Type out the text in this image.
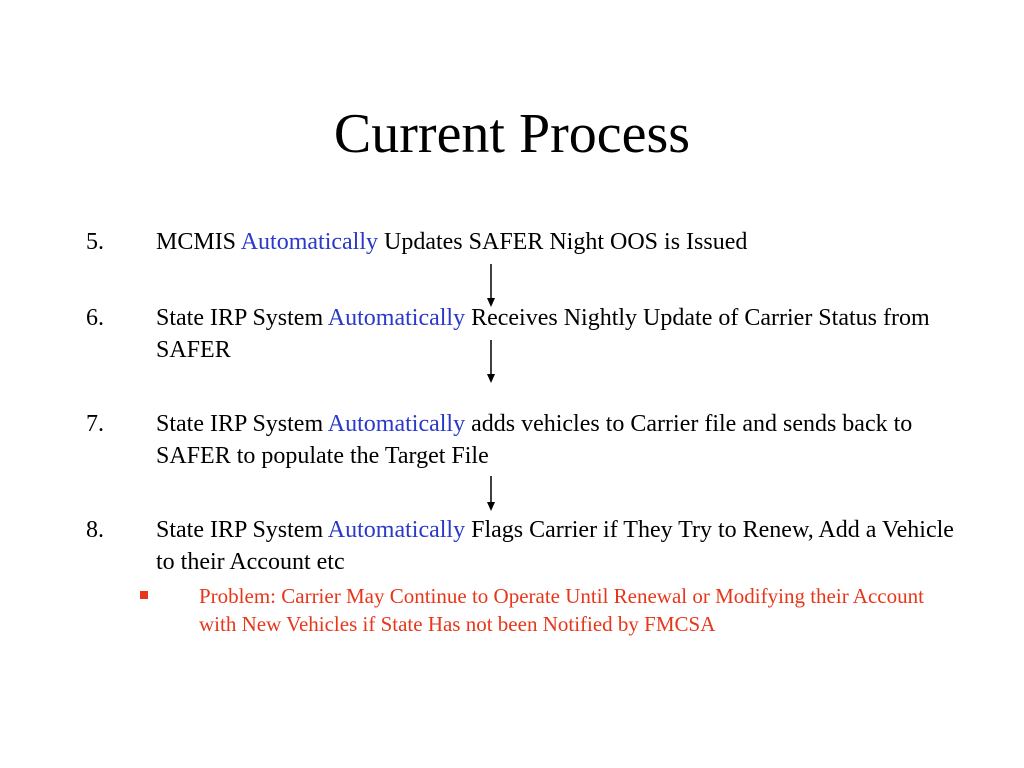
Current Process
5. MCMIS Automatically Updates SAFER Night OOS is Issued
6. State IRP System Automatically Receives Nightly Update of Carrier Status from SAFER
7. State IRP System Automatically adds vehicles to Carrier file and sends back to SAFER to populate the Target File
8. State IRP System Automatically Flags Carrier if They Try to Renew, Add a Vehicle to their Account etc
Problem: Carrier May Continue to Operate Until Renewal or Modifying their Account with New Vehicles if State Has not been Notified by FMCSA
